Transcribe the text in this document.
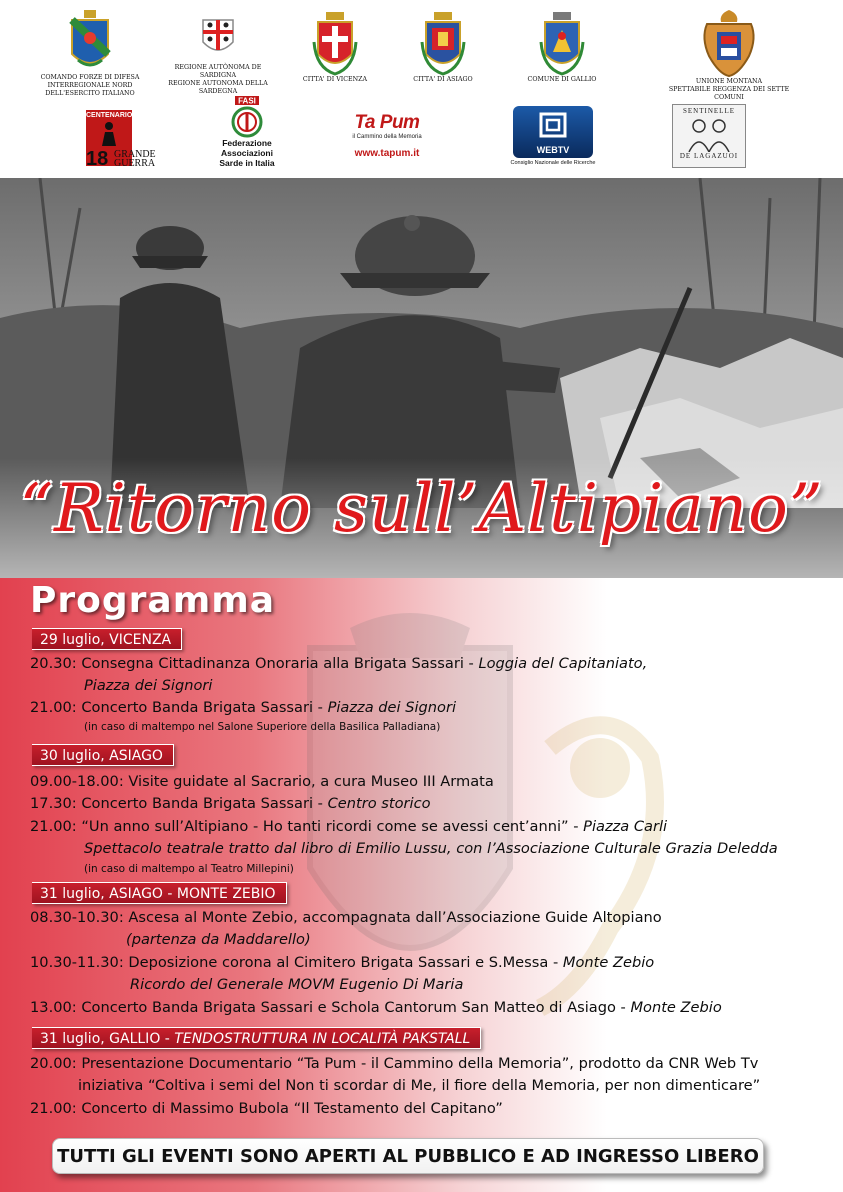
COMANDO FORZE DI DIFESA
INTERREGIONALE NORD
DELL'ESERCITO ITALIANO
REGIONE AUTÒNOMA DE SARDIGNA
REGIONE AUTONOMA DELLA SARDEGNA
CITTA' DI VICENZA	CITTA' DI ASIAGO	COMUNE DI GALLIO	UNIONE MONTANA
SPETTABILE REGGENZA DEI SETTE COMUNI
CENTENARIO
18 GRANDE
GUERRA
FASI
Federazione
Associazioni
Sarde in Italia
Ta Pum
il Cammino della Memoria
www.tapum.it	WEBTV
Consiglio Nazionale delle Ricerche
SENTINELLE
DE LAGAZUOI
“Ritorno sull’Altipiano”
Programma
29 luglio, VICENZA
20.30: Consegna Cittadinanza Onoraria alla Brigata Sassari - Loggia del Capitaniato,
Piazza dei Signori
21.00: Concerto Banda Brigata Sassari - Piazza dei Signori
(in caso di maltempo nel Salone Superiore della Basilica Palladiana)
30 luglio, ASIAGO
09.00-18.00: Visite guidate al Sacrario, a cura Museo III Armata
17.30: Concerto Banda Brigata Sassari - Centro storico
21.00: “Un anno sull’Altipiano - Ho tanti ricordi come se avessi cent’anni” - Piazza Carli
Spettacolo teatrale tratto dal libro di Emilio Lussu, con l’Associazione Culturale Grazia Deledda
(in caso di maltempo al Teatro Millepini)
31 luglio, ASIAGO - MONTE ZEBIO
08.30-10.30: Ascesa al Monte Zebio, accompagnata dall’Associazione Guide Altopiano
(partenza da Maddarello)
10.30-11.30: Deposizione corona al Cimitero Brigata Sassari e S.Messa - Monte Zebio
Ricordo del Generale MOVM Eugenio Di Maria
13.00: Concerto Banda Brigata Sassari e Schola Cantorum San Matteo di Asiago - Monte Zebio
31 luglio, GALLIO - TENDOSTRUTTURA IN LOCALITÀ PAKSTALL
20.00: Presentazione Documentario “Ta Pum - il Cammino della Memoria”, prodotto da CNR Web Tv
iniziativa “Coltiva i semi del Non ti scordar di Me, il fiore della Memoria, per non dimenticare”
21.00: Concerto di Massimo Bubola “Il Testamento del Capitano”
TUTTI GLI EVENTI SONO APERTI AL PUBBLICO E AD INGRESSO LIBERO
